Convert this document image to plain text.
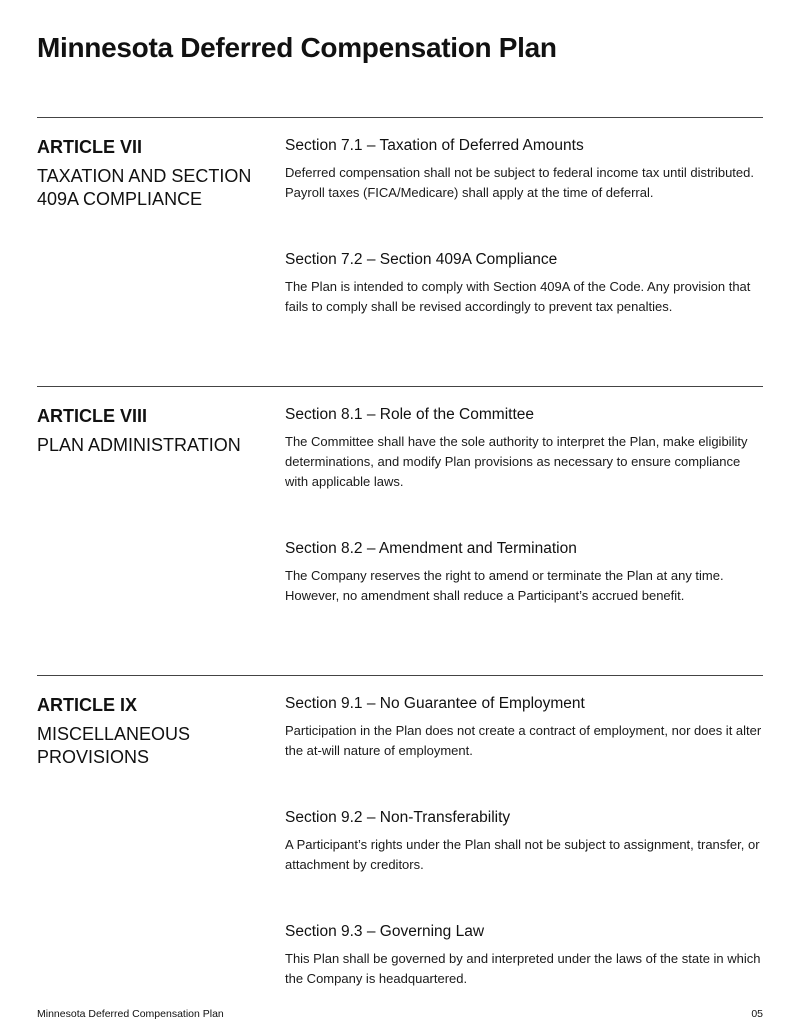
Minnesota Deferred Compensation Plan
ARTICLE VII
TAXATION AND SECTION 409A COMPLIANCE
Section 7.1 – Taxation of Deferred Amounts

Deferred compensation shall not be subject to federal income tax until distributed. Payroll taxes (FICA/Medicare) shall apply at the time of deferral.

Section 7.2 – Section 409A Compliance

The Plan is intended to comply with Section 409A of the Code. Any provision that fails to comply shall be revised accordingly to prevent tax penalties.

ARTICLE VIII
PLAN ADMINISTRATION
Section 8.1 – Role of the Committee

The Committee shall have the sole authority to interpret the Plan, make eligibility determinations, and modify Plan provisions as necessary to ensure compliance with applicable laws.

Section 8.2 – Amendment and Termination

The Company reserves the right to amend or terminate the Plan at any time. However, no amendment shall reduce a Participant’s accrued benefit.

ARTICLE IX
MISCELLANEOUS PROVISIONS
Section 9.1 – No Guarantee of Employment

Participation in the Plan does not create a contract of employment, nor does it alter the at-will nature of employment.

Section 9.2 – Non-Transferability

A Participant’s rights under the Plan shall not be subject to assignment, transfer, or attachment by creditors.

Section 9.3 – Governing Law

This Plan shall be governed by and interpreted under the laws of the state in which the Company is headquartered.

Minnesota Deferred Compensation Plan	05
